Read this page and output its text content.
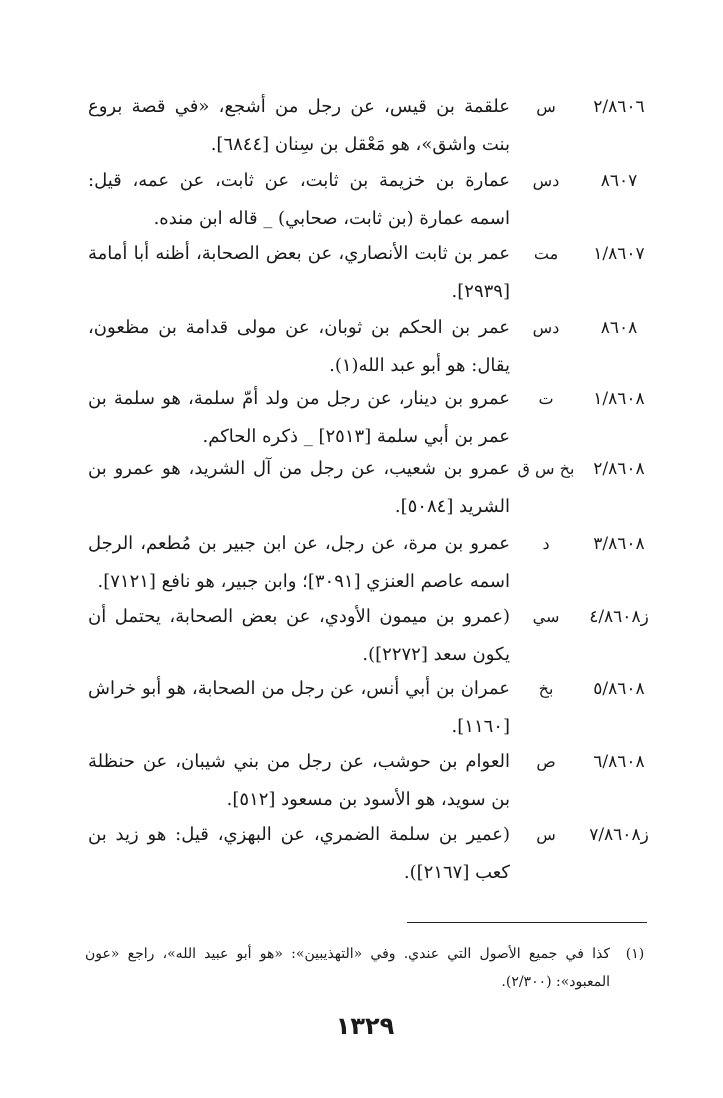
٢/٨٦٠٦
س
علقمة بن قيس، عن رجل من أشجع، «في قصة بروع بنت واشق»، هو مَعْقل بن سِنان [٦٨٤٤].
٨٦٠٧
دس
عمارة بن خزيمة بن ثابت، عن ثابت، عن عمه، قيل: اسمه عمارة (بن ثابت، صحابي) _ قاله ابن منده.
١/٨٦٠٧
مت
عمر بن ثابت الأنصاري، عن بعض الصحابة، أظنه أبا أمامة [٢٩٣٩].
٨٦٠٨
دس
عمر بن الحكم بن ثوبان، عن مولى قدامة بن مظعون، يقال: هو أبو عبد الله(١).
١/٨٦٠٨
ت
عمرو بن دينار، عن رجل من ولد أمّ سلمة، هو سلمة بن عمر بن أبي سلمة [٢٥١٣] _ ذكره الحاكم.
٢/٨٦٠٨
بخ س ق
عمرو بن شعيب، عن رجل من آل الشريد، هو عمرو بن الشريد [٥٠٨٤].
٣/٨٦٠٨
د
عمرو بن مرة، عن رجل، عن ابن جبير بن مُطعم، الرجل اسمه عاصم العنزي [٣٠٩١]؛ وابن جبير، هو نافع [٧١٢١].
ز٤/٨٦٠٨
سي
(عمرو بن ميمون الأودي، عن بعض الصحابة، يحتمل أن يكون سعد [٢٢٧٢]).
٥/٨٦٠٨
بخ
عمران بن أبي أنس، عن رجل من الصحابة، هو أبو خراش [١١٦٠].
٦/٨٦٠٨
ص
العوام بن حوشب، عن رجل من بني شيبان، عن حنظلة بن سويد، هو الأسود بن مسعود [٥١٢].
ز٧/٨٦٠٨
س
(عمير بن سلمة الضمري، عن البهزي، قيل: هو زيد بن كعب [٢١٦٧]).
(١)
كذا في جميع الأصول التي عندي. وفي «التهذيبين»: «هو أبو عبيد الله»، راجع «عون المعبود»: (٢/٣٠٠).
١٣٢٩
